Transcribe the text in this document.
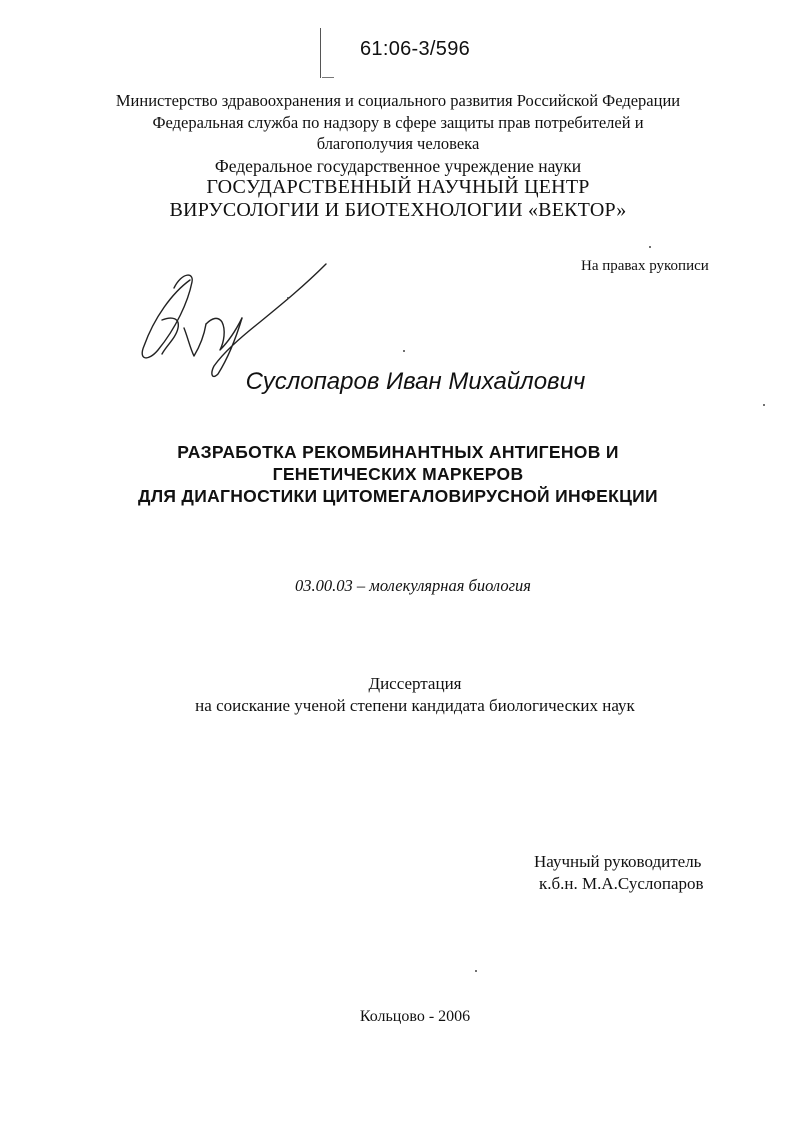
61:06-3/596
Министерство здравоохранения и социального развития Российской Федерации
Федеральная служба по надзору в сфере защиты прав потребителей и
благополучия человека
Федеральное государственное учреждение науки
ГОСУДАРСТВЕННЫЙ НАУЧНЫЙ ЦЕНТР
ВИРУСОЛОГИИ И БИОТЕХНОЛОГИИ «ВЕКТОР»
На правах рукописи
Суслопаров Иван Михайлович
РАЗРАБОТКА РЕКОМБИНАНТНЫХ АНТИГЕНОВ И
ГЕНЕТИЧЕСКИХ МАРКЕРОВ
ДЛЯ ДИАГНОСТИКИ ЦИТОМЕГАЛОВИРУСНОЙ ИНФЕКЦИИ
03.00.03 – молекулярная биология
Диссертация
на соискание ученой степени кандидата биологических наук
Научный руководитель
к.б.н. М.А.Суслопаров
Кольцово - 2006
